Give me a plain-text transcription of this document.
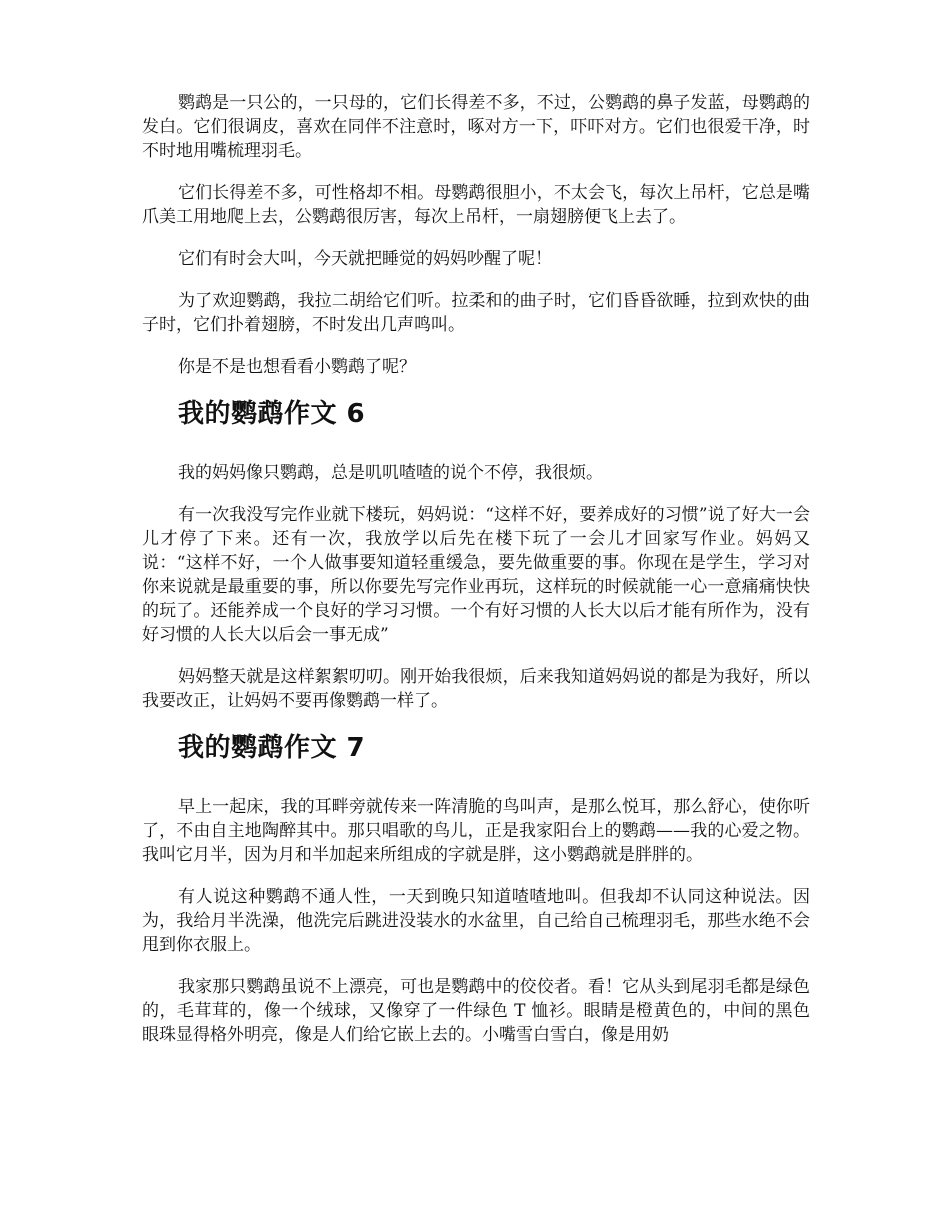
鹦鹉是一只公的，一只母的，它们长得差不多，不过，公鹦鹉的鼻子发蓝，母鹦鹉的发白。它们很调皮，喜欢在同伴不注意时，啄对方一下，吓吓对方。它们也很爱干净，时不时地用嘴梳理羽毛。

它们长得差不多，可性格却不相。母鹦鹉很胆小，不太会飞，每次上吊杆，它总是嘴爪美工用地爬上去，公鹦鹉很厉害，每次上吊杆，一扇翅膀便飞上去了。

它们有时会大叫，今天就把睡觉的妈妈吵醒了呢！

为了欢迎鹦鹉，我拉二胡给它们听。拉柔和的曲子时，它们昏昏欲睡，拉到欢快的曲子时，它们扑着翅膀，不时发出几声鸣叫。

你是不是也想看看小鹦鹉了呢？

我的鹦鹉作文 6

我的妈妈像只鹦鹉，总是叽叽喳喳的说个不停，我很烦。

有一次我没写完作业就下楼玩，妈妈说：“这样不好，要养成好的习惯”说了好大一会儿才停了下来。还有一次，我放学以后先在楼下玩了一会儿才回家写作业。妈妈又说：“这样不好，一个人做事要知道轻重缓急，要先做重要的事。你现在是学生，学习对你来说就是最重要的事，所以你要先写完作业再玩，这样玩的时候就能一心一意痛痛快快的玩了。还能养成一个良好的学习习惯。一个有好习惯的人长大以后才能有所作为，没有好习惯的人长大以后会一事无成”

妈妈整天就是这样絮絮叨叨。刚开始我很烦，后来我知道妈妈说的都是为我好，所以我要改正，让妈妈不要再像鹦鹉一样了。

我的鹦鹉作文 7

早上一起床，我的耳畔旁就传来一阵清脆的鸟叫声，是那么悦耳，那么舒心，使你听了，不由自主地陶醉其中。那只唱歌的鸟儿，正是我家阳台上的鹦鹉——我的心爱之物。我叫它月半，因为月和半加起来所组成的字就是胖，这小鹦鹉就是胖胖的。

有人说这种鹦鹉不通人性，一天到晚只知道喳喳地叫。但我却不认同这种说法。因为，我给月半洗澡，他洗完后跳进没装水的水盆里，自己给自己梳理羽毛，那些水绝不会甩到你衣服上。

我家那只鹦鹉虽说不上漂亮，可也是鹦鹉中的佼佼者。看！它从头到尾羽毛都是绿色的，毛茸茸的，像一个绒球，又像穿了一件绿色 T 恤衫。眼睛是橙黄色的，中间的黑色眼珠显得格外明亮，像是人们给它嵌上去的。小嘴雪白雪白，像是用奶
